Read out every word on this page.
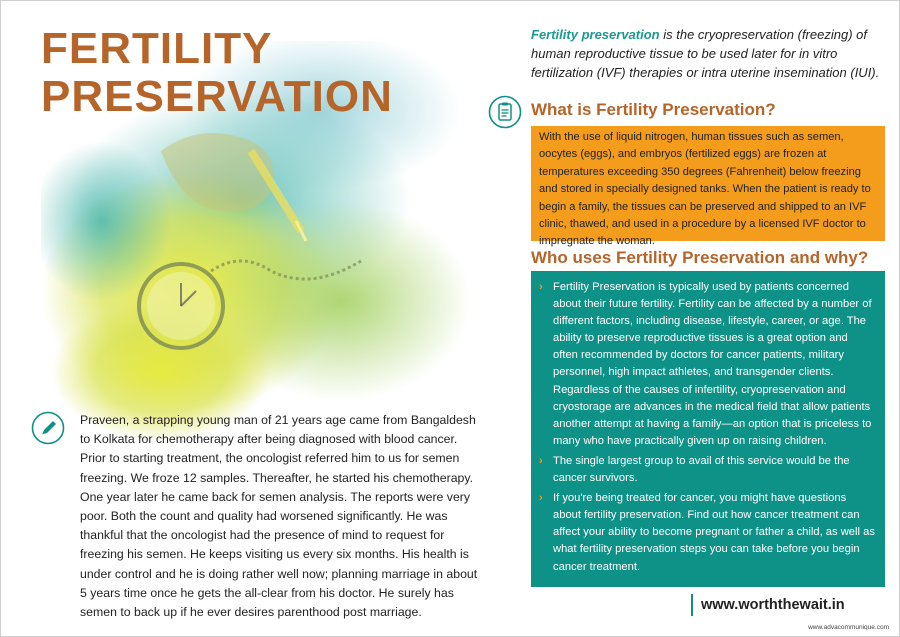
FERTILITY
PRESERVATION

Fertility preservation is the cryopreservation (freezing) of human reproductive tissue to be used later for in vitro fertilization (IVF) therapies or intra uterine insemination (IUI).

What is Fertility Preservation?
With the use of liquid nitrogen, human tissues such as semen, oocytes (eggs), and embryos (fertilized eggs) are frozen at temperatures exceeding 350 degrees (Fahrenheit) below freezing and stored in specially designed tanks. When the patient is ready to begin a family, the tissues can be preserved and shipped to an IVF clinic, thawed, and used in a procedure by a licensed IVF doctor to impregnate the woman.
Who uses Fertility Preservation and why?
› Fertility Preservation is typically used by patients concerned about their future fertility. Fertility can be affected by a number of different factors, including disease, lifestyle, career, or age. The ability to preserve reproductive tissues is a great option and often recommended by doctors for cancer patients, military personnel, high impact athletes, and transgender clients. Regardless of the causes of infertility, cryopreservation and cryostorage are advances in the medical field that allow patients another attempt at having a family—an option that is priceless to many who have practically given up on raising children.
› The single largest group to avail of this service would be the cancer survivors.
› If you're being treated for cancer, you might have questions about fertility preservation. Find out how cancer treatment can affect your ability to become pregnant or father a child, as well as what fertility preservation steps you can take before you begin cancer treatment.

Praveen, a strapping young man of 21 years age came from Bangaldesh to Kolkata for chemotherapy after being diagnosed with blood cancer. Prior to starting treatment, the oncologist referred him to us for semen freezing. We froze 12 samples. Thereafter, he started his chemotherapy. One year later he came back for semen analysis. The reports were very poor. Both the count and quality had worsened significantly. He was thankful that the oncologist had the presence of mind to request for freezing his semen. He keeps visiting us every six months. His health is under control and he is doing rather well now; planning marriage in about 5 years time once he gets the all-clear from his doctor. He surely has semen to back up if he ever desires parenthood post marriage.	www.worththewait.in
www.advacommunique.com
